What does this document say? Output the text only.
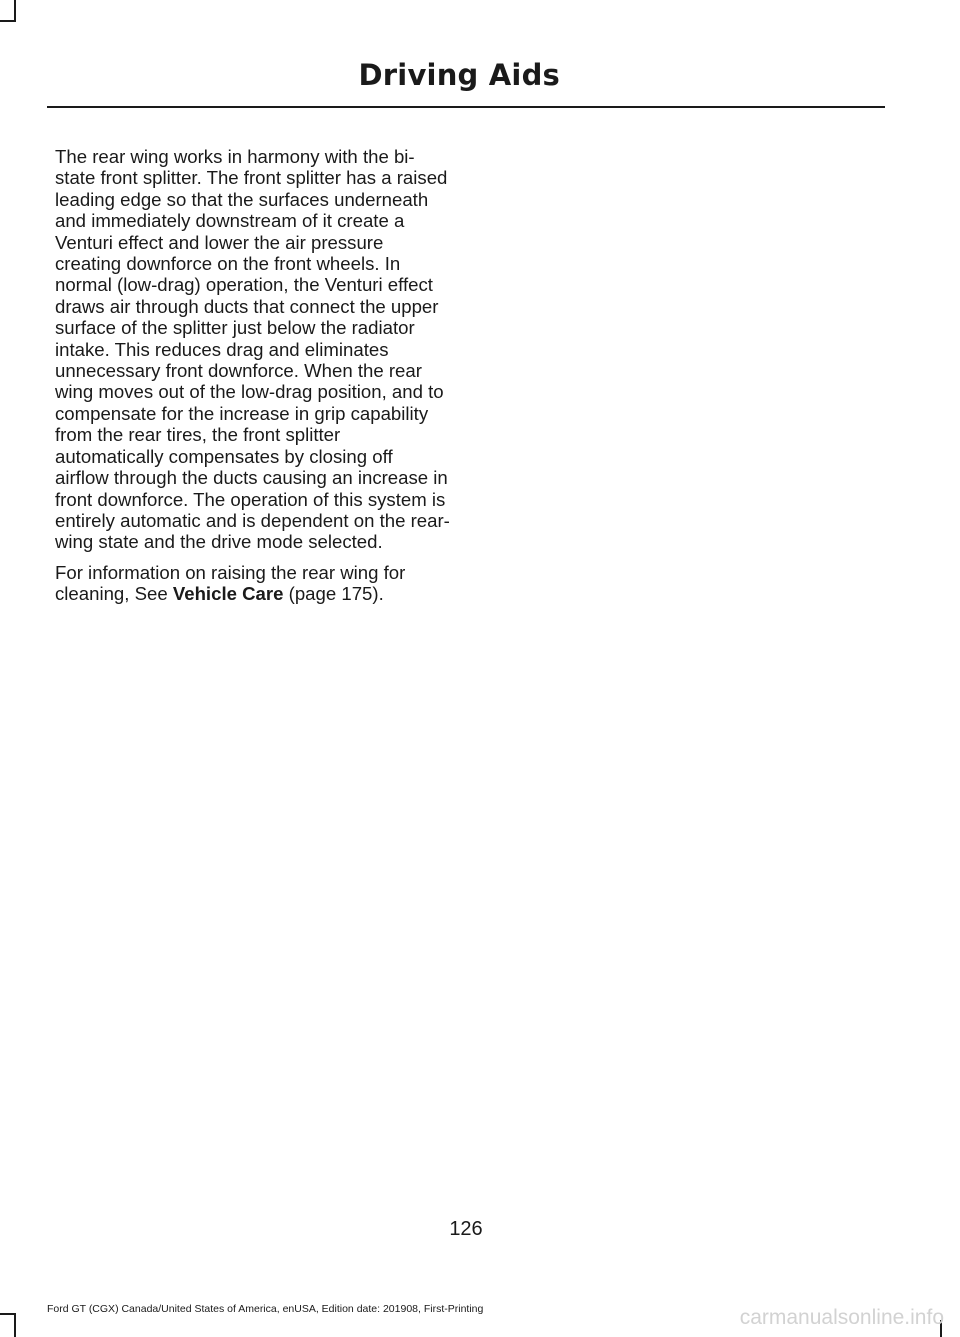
Driving Aids

The rear wing works in harmony with the bi-state front splitter. The front splitter has a raised leading edge so that the surfaces underneath and immediately downstream of it create a Venturi effect and lower the air pressure creating downforce on the front wheels. In normal (low-drag) operation, the Venturi effect draws air through ducts that connect the upper surface of the splitter just below the radiator intake. This reduces drag and eliminates unnecessary front downforce. When the rear wing moves out of the low-drag position, and to compensate for the increase in grip capability from the rear tires, the front splitter automatically compensates by closing off airflow through the ducts causing an increase in front downforce. The operation of this system is entirely automatic and is dependent on the rear-wing state and the drive mode selected.

For information on raising the rear wing for cleaning, See Vehicle Care (page 175).

126
Ford GT (CGX) Canada/United States of America, enUSA, Edition date: 201908, First-Printing	carmanualsonline.info
